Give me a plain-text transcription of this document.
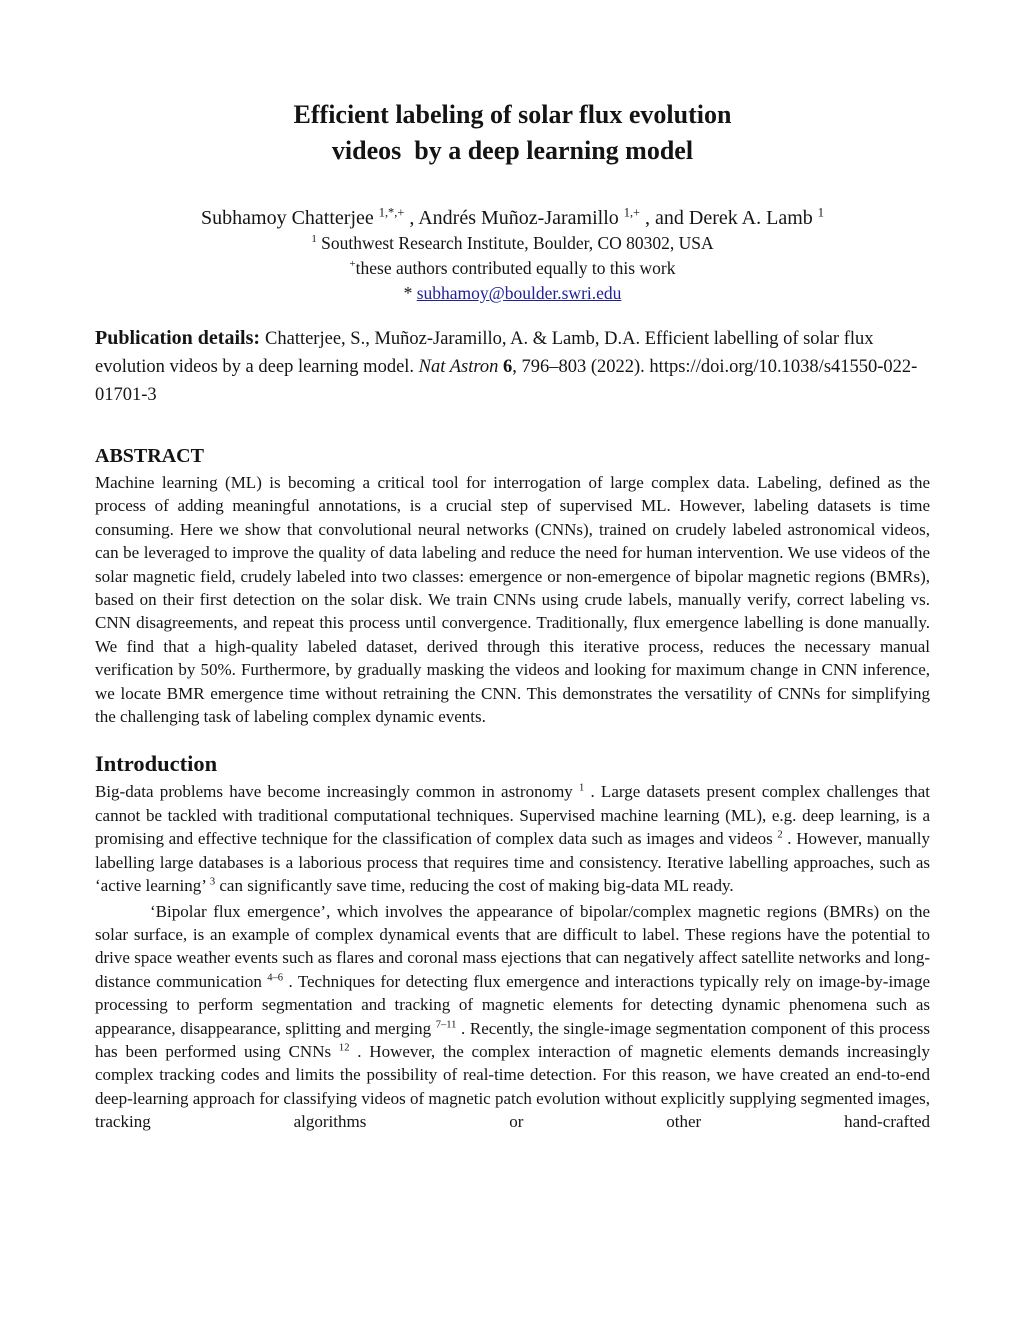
Efficient labeling of solar flux evolution
videos  by a deep learning model
Subhamoy Chatterjee $^{1,*,+}$ , Andrés Muñoz-Jaramillo $^{1,+}$ , and Derek A. Lamb $^1$
$^1$ Southwest Research Institute, Boulder, CO 80302, USA
+these authors contributed equally to this work
* subhamoy@boulder.swri.edu

Publication details: Chatterjee, S., Muñoz-Jaramillo, A. & Lamb, D.A. Efficient labelling of solar flux evolution videos by a deep learning model. Nat Astron 6, 796–803 (2022). https://doi.org/10.1038/s41550-022-01701-3

ABSTRACT

Machine learning (ML) is becoming a critical tool for interrogation of large complex data. Labeling, defined as the process of adding meaningful annotations, is a crucial step of supervised ML. However, labeling datasets is time consuming. Here we show that convolutional neural networks (CNNs), trained on crudely labeled astronomical videos, can be leveraged to improve the quality of data labeling and reduce the need for human intervention. We use videos of the solar magnetic field, crudely labeled into two classes: emergence or non-emergence of bipolar magnetic regions (BMRs), based on their first detection on the solar disk. We train CNNs using crude labels, manually verify, correct labeling vs. CNN disagreements, and repeat this process until convergence. Traditionally, flux emergence labelling is done manually. We find that a high-quality labeled dataset, derived through this iterative process, reduces the necessary manual verification by 50%. Furthermore, by gradually masking the videos and looking for maximum change in CNN inference, we locate BMR emergence time without retraining the CNN. This demonstrates the versatility of CNNs for simplifying the challenging task of labeling complex dynamic events.

Introduction

Big-data problems have become increasingly common in astronomy $^1$ . Large datasets present complex challenges that cannot be tackled with traditional computational techniques. Supervised machine learning (ML), e.g. deep learning, is a promising and effective technique for the classification of complex data such as images and videos $^2$ . However, manually labelling large databases is a laborious process that requires time and consistency. Iterative labelling approaches, such as ‘active learning’ $^3$ can significantly save time, reducing the cost of making big-data ML ready.

‘Bipolar flux emergence’, which involves the appearance of bipolar/complex magnetic regions (BMRs) on the solar surface, is an example of complex dynamical events that are difficult to label. These regions have the potential to drive space weather events such as flares and coronal mass ejections that can negatively affect satellite networks and long-distance communication $^{4-6}$ . Techniques for detecting flux emergence and interactions typically rely on image-by-image processing to perform segmentation and tracking of magnetic elements for detecting dynamic phenomena such as appearance, disappearance, splitting and merging $^{7-11}$ . Recently, the single-image segmentation component of this process has been performed using CNNs $^{12}$ . However, the complex interaction of magnetic elements demands increasingly complex tracking codes and limits the possibility of real-time detection. For this reason, we have created an end-to-end deep-learning approach for classifying videos of magnetic patch evolution without explicitly supplying segmented images, tracking algorithms or other hand-crafted
